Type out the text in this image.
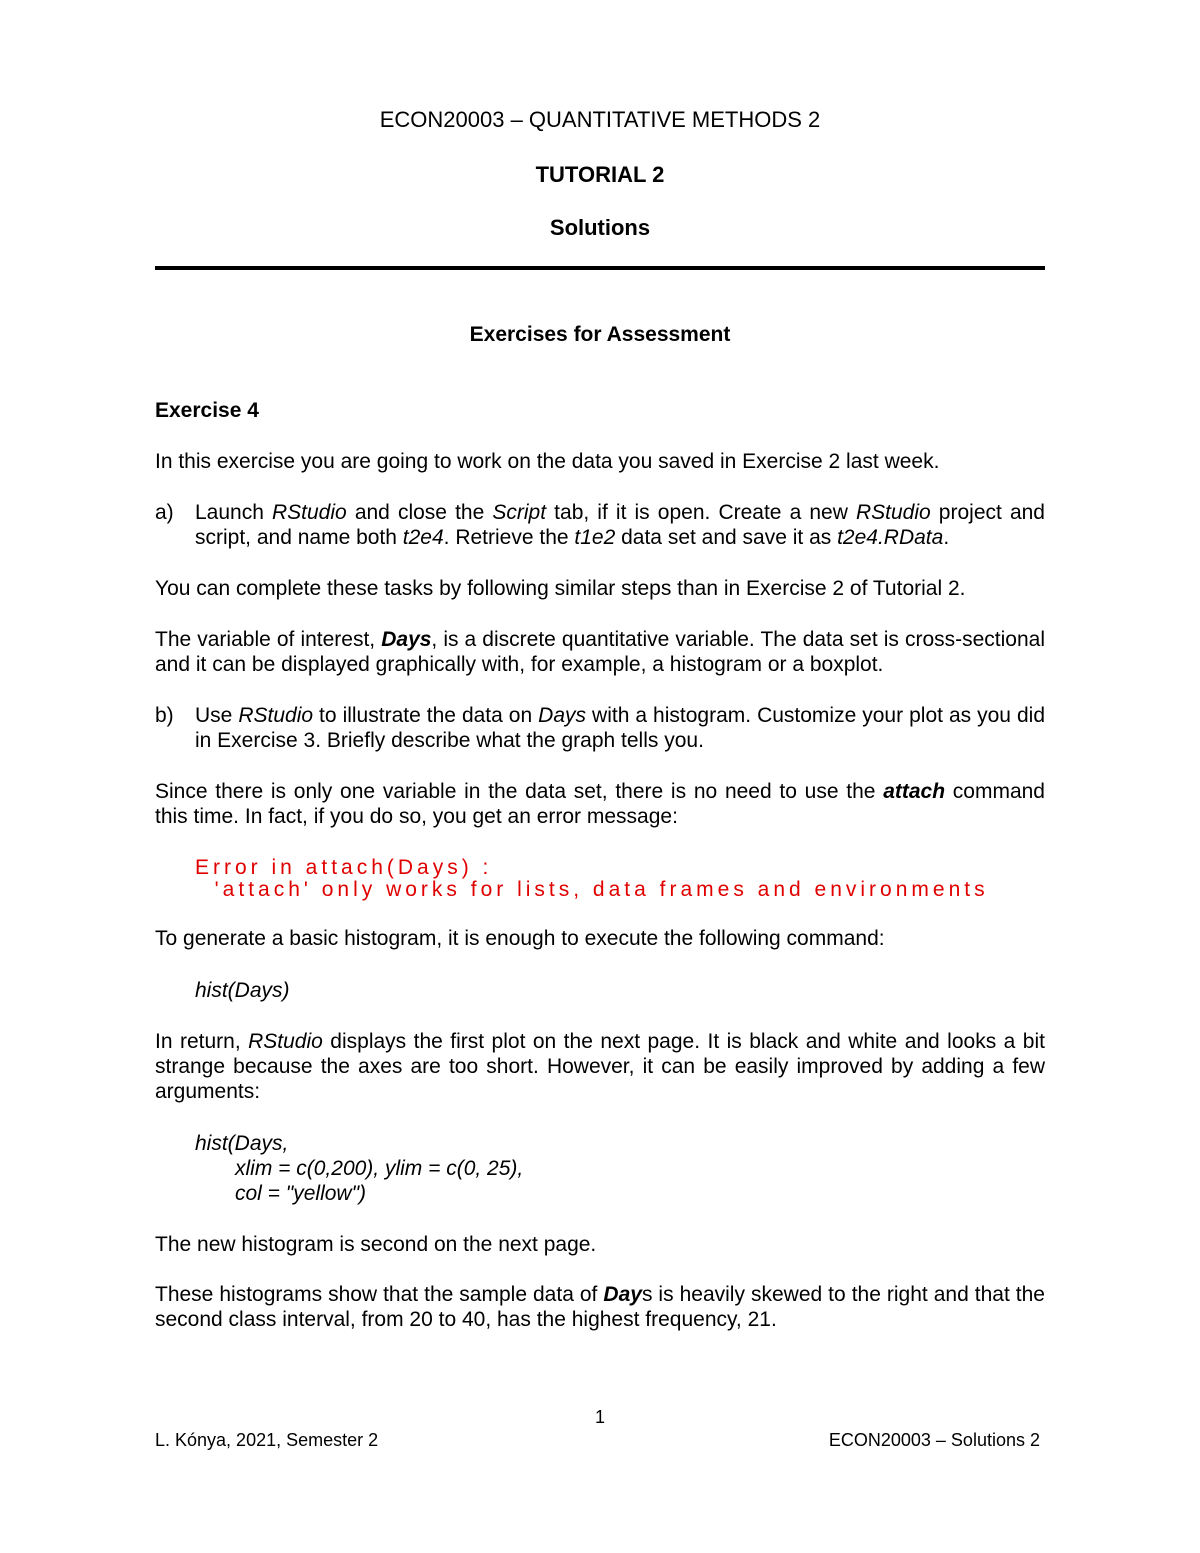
ECON20003 – QUANTITATIVE METHODS 2
TUTORIAL 2
Solutions
Exercises for Assessment
Exercise 4
In this exercise you are going to work on the data you saved in Exercise 2 last week.
a) Launch RStudio and close the Script tab, if it is open. Create a new RStudio project and script, and name both t2e4. Retrieve the t1e2 data set and save it as t2e4.RData.
You can complete these tasks by following similar steps than in Exercise 2 of Tutorial 2.
The variable of interest, Days, is a discrete quantitative variable. The data set is cross-sectional and it can be displayed graphically with, for example, a histogram or a boxplot.
b) Use RStudio to illustrate the data on Days with a histogram. Customize your plot as you did in Exercise 3. Briefly describe what the graph tells you.
Since there is only one variable in the data set, there is no need to use the attach command this time. In fact, if you do so, you get an error message:
Error in attach(Days) :
'attach' only works for lists, data frames and environments
To generate a basic histogram, it is enough to execute the following command:
hist(Days)
In return, RStudio displays the first plot on the next page. It is black and white and looks a bit strange because the axes are too short. However, it can be easily improved by adding a few arguments:
hist(Days,
xlim = c(0,200), ylim = c(0, 25),
col = "yellow")
The new histogram is second on the next page.
These histograms show that the sample data of Days is heavily skewed to the right and that the second class interval, from 20 to 40, has the highest frequency, 21.
1
L. Kónya, 2021, Semester 2	ECON20003 – Solutions 2
